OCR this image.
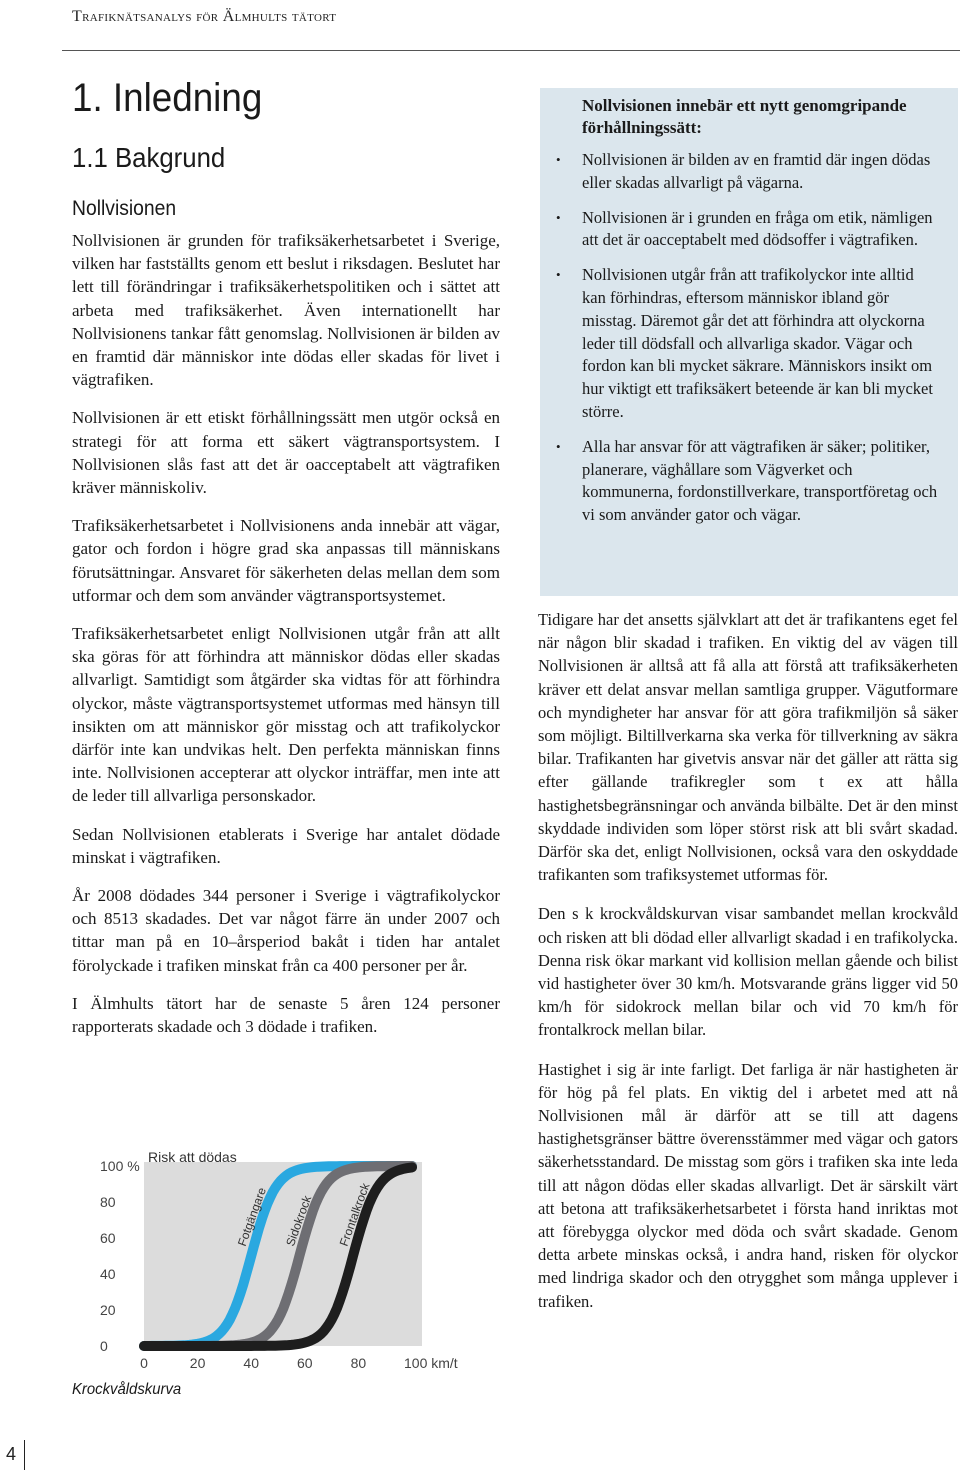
Trafiknätsanalys för Älmhults tätort
1. Inledning
1.1 Bakgrund
Nollvisionen

Nollvisionen är grunden för trafiksäkerhetsarbetet i Sverige, vilken har fastställts genom ett beslut i riksdagen. Beslutet har lett till förändringar i trafiksäkerhetspolitiken och i sättet att arbeta med trafiksäkerhet. Även internationellt har Nollvisionens tankar fått genomslag. Nollvisionen är bilden av en framtid där människor inte dödas eller skadas för livet i vägtrafiken.

Nollvisionen är ett etiskt förhållningssätt men utgör också en strategi för att forma ett säkert vägtransportsystem. I Nollvisionen slås fast att det är oacceptabelt att vägtrafiken kräver människoliv.

Trafiksäkerhetsarbetet i Nollvisionens anda innebär att vägar, gator och fordon i högre grad ska anpassas till människans förutsättningar. Ansvaret för säkerheten delas mellan dem som utformar och dem som använder vägtransportsystemet.

Trafiksäkerhetsarbetet enligt Nollvisionen utgår från att allt ska göras för att förhindra att människor dödas eller skadas allvarligt. Samtidigt som åtgärder ska vidtas för att förhindra olyckor, måste vägtransportsystemet utformas med hänsyn till insikten om att människor gör misstag och att trafikolyckor därför inte kan undvikas helt. Den perfekta människan finns inte. Nollvisionen accepterar att olyckor inträffar, men inte att de leder till allvarliga personskador.

Sedan Nollvisionen etablerats i Sverige har antalet dödade minskat i vägtrafiken.

År 2008 dödades 344 personer i Sverige i vägtrafikolyckor och 8513 skadades. Det var något färre än under 2007 och tittar man på en 10–årsperiod bakåt i tiden har antalet förolyckade i trafiken minskat från ca 400 personer per år.

I Älmhults tätort har de senaste 5 åren 124 personer rapporterats skadade och 3 dödade i trafiken.

Nollvisionen innebär ett nytt genomgripande förhållningssätt:
• Nollvisionen är bilden av en framtid där ingen dödas eller skadas allvarligt på vägarna.
• Nollvisionen är i grunden en fråga om etik, nämligen att det är oacceptabelt med dödsoffer i vägtrafiken.
• Nollvisionen utgår från att trafikolyckor inte alltid kan förhindras, eftersom människor ibland gör misstag. Däremot går det att förhindra att olyckorna leder till dödsfall och allvarliga skador. Vägar och fordon kan bli mycket säkrare. Människors insikt om hur viktigt ett trafiksäkert beteende är kan bli mycket större.
• Alla har ansvar för att vägtrafiken är säker; politiker, planerare, väghållare som Vägverket och kommunerna, fordonstillverkare, transportföretag och vi som använder gator och vägar.

Tidigare har det ansetts självklart att det är trafikantens eget fel när någon blir skadad i trafiken. En viktig del av vägen till Nollvisionen är alltså att få alla att förstå att trafiksäkerheten kräver ett delat ansvar mellan samtliga grupper. Vägutformare och myndigheter har ansvar för att göra trafikmiljön så säker som möjligt. Biltillverkarna ska verka för tillverkning av säkra bilar. Trafikanten har givetvis ansvar när det gäller att rätta sig efter gällande trafikregler som t ex att hålla hastighetsbegränsningar och använda bilbälte. Det är den minst skyddade individen som löper störst risk att bli svårt skadad. Därför ska det, enligt Nollvisionen, också vara den oskyddade trafikanten som trafiksystemet utformas för.

Den s k krockvåldskurvan visar sambandet mellan krockvåld och risken att bli dödad eller allvarligt skadad i en trafikolycka. Denna risk ökar markant vid kollision mellan gående och bilist vid hastigheter över 30 km/h. Motsvarande gräns ligger vid 50 km/h för sidokrock mellan bilar och vid 70 km/h för frontalkrock mellan bilar.

Hastighet i sig är inte farligt. Det farliga är när hastigheten är för hög på fel plats. En viktig del i arbetet med att nå Nollvisionen mål är därför att se till att dagens hastighetsgränser bättre överensstämmer med vägar och gators säkerhetsstandard. De misstag som görs i trafiken ska inte leda till att någon dödas eller skadas allvarligt. Det är särskilt värt att betona att trafiksäkerhetsarbetet i första hand inriktas mot att förebygga olyckor med döda och svårt skadade. Genom detta arbete minskas också, i andra hand, risken för olyckor med lindriga skador och den otrygghet som många upplever i trafiken.

Risk att dödas
100 %
80
60
40
20
0
0	20	40	60	80	100 km/t
Fotgängare Sidokrock Frontalkrock
Krockvåldskurva
4
